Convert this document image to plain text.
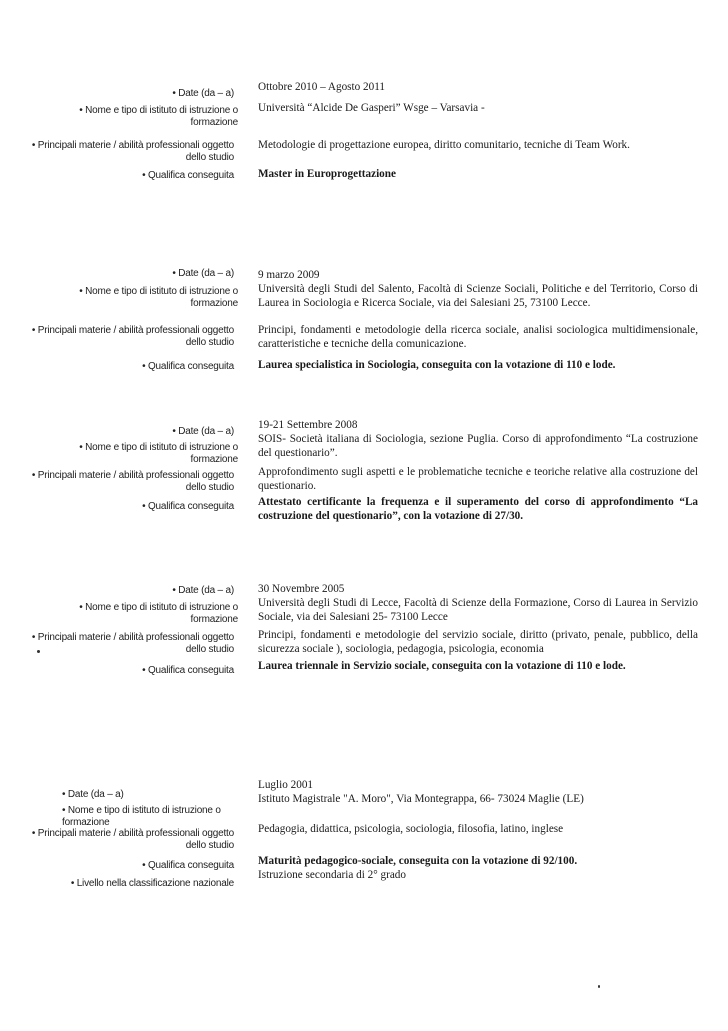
• Date (da – a)
• Nome e tipo di istituto di istruzione o formazione
• Principali materie / abilità professionali oggetto dello studio
• Qualifica conseguita
Ottobre 2010 – Agosto 2011
Università “Alcide De Gasperi” Wsge – Varsavia -
Metodologie di progettazione europea, diritto comunitario, tecniche di Team Work.
Master in Europrogettazione
• Date (da – a)
• Nome e tipo di istituto di istruzione o formazione
• Principali materie / abilità professionali oggetto dello studio
• Qualifica conseguita
9 marzo 2009
Università degli Studi del Salento, Facoltà di Scienze Sociali, Politiche e del Territorio, Corso di Laurea in Sociologia e Ricerca Sociale, via dei Salesiani 25, 73100 Lecce.
Principi, fondamenti e metodologie della ricerca sociale, analisi sociologica multidimensionale, caratteristiche e tecniche della comunicazione.
Laurea specialistica in Sociologia, conseguita con la votazione di 110 e lode.
• Date (da – a)
• Nome e tipo di istituto di istruzione o formazione
• Principali materie / abilità professionali oggetto dello studio
• Qualifica conseguita
19-21 Settembre 2008
SOIS- Società italiana di Sociologia, sezione Puglia. Corso di approfondimento “La costruzione del questionario”.
Approfondimento sugli aspetti e le problematiche tecniche e teoriche relative alla costruzione del questionario.
Attestato certificante la frequenza e il superamento del corso di approfondimento “La costruzione del questionario”, con la votazione di 27/30.
• Date (da – a)
• Nome e tipo di istituto di istruzione o formazione
• Principali materie / abilità professionali oggetto dello studio
• Qualifica conseguita
30 Novembre 2005
Università degli Studi di Lecce, Facoltà di Scienze della Formazione, Corso di Laurea in Servizio Sociale, via dei Salesiani 25- 73100 Lecce
Principi, fondamenti e metodologie del servizio sociale, diritto (privato, penale, pubblico, della sicurezza sociale ), sociologia, pedagogia, psicologia, economia
Laurea triennale in Servizio sociale, conseguita con la votazione di 110 e lode.
• Date (da – a)
• Nome e tipo di istituto di istruzione o formazione
• Principali materie / abilità professionali oggetto dello studio
• Qualifica conseguita
• Livello nella classificazione nazionale
Luglio 2001
Istituto Magistrale "A. Moro", Via Montegrappa, 66- 73024 Maglie (LE)
Pedagogia, didattica, psicologia, sociologia, filosofia, latino, inglese
Maturità pedagogico-sociale, conseguita con la votazione di 92/100.
Istruzione secondaria di 2° grado
